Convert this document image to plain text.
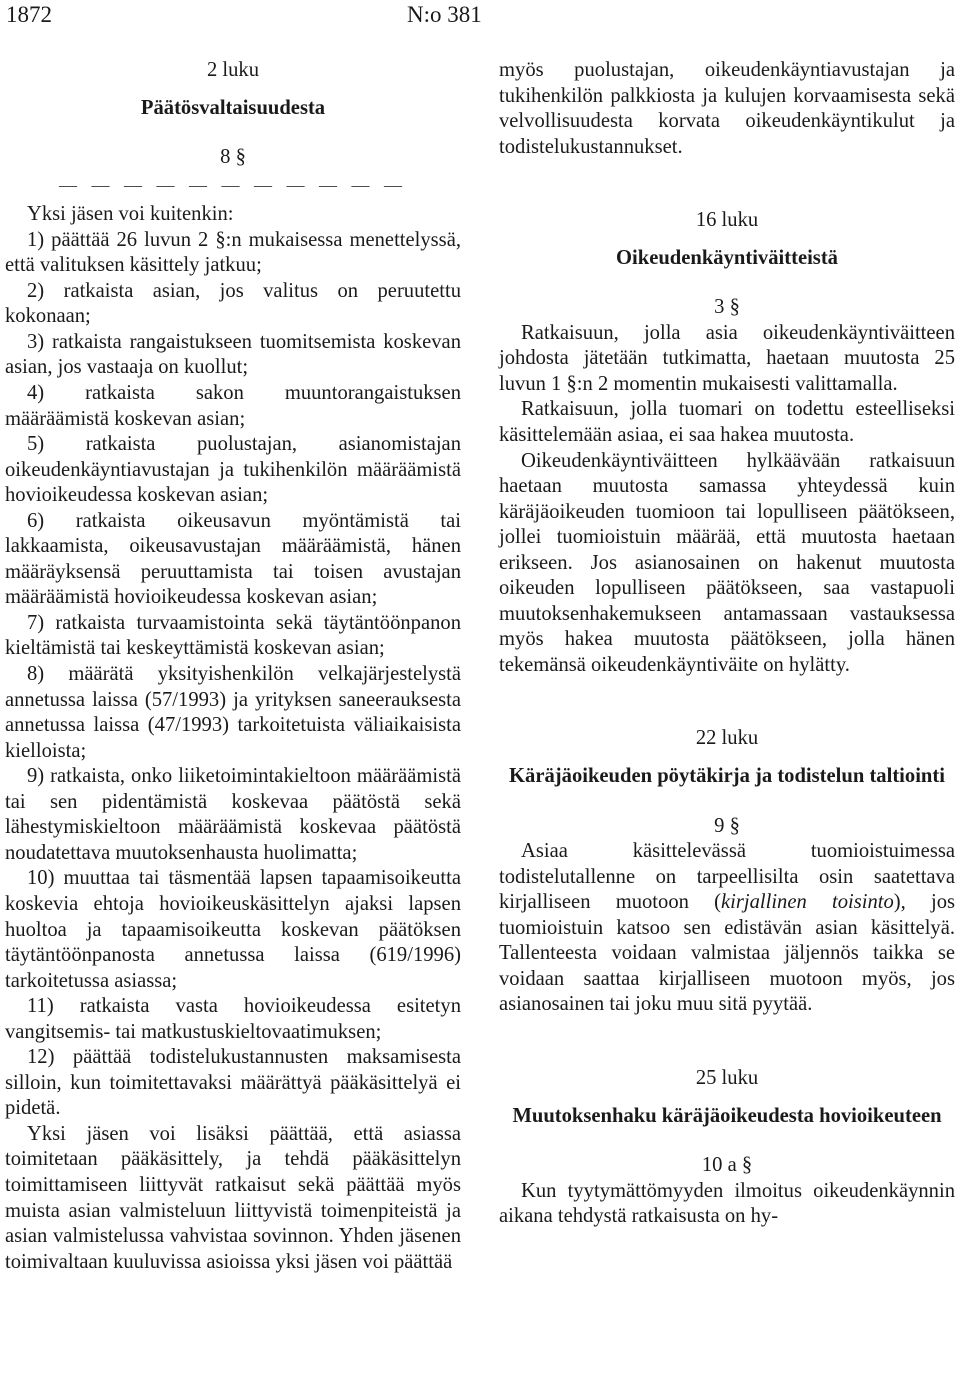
1872	N:o 381

2 luku

Päätösvaltaisuudesta

8 §

— — — — — — — — — — —

Yksi jäsen voi kuitenkin:

1) päättää 26 luvun 2 §:n mukaisessa menettelyssä, että valituksen käsittely jatkuu;

2) ratkaista asian, jos valitus on peruutettu kokonaan;

3) ratkaista rangaistukseen tuomitsemista koskevan asian, jos vastaaja on kuollut;

4) ratkaista sakon muuntorangaistuksen määräämistä koskevan asian;

5) ratkaista puolustajan, asianomistajan oikeudenkäyntiavustajan ja tukihenkilön määräämistä hovioikeudessa koskevan asian;

6) ratkaista oikeusavun myöntämistä tai lakkaamista, oikeusavustajan määräämistä, hänen määräyksensä peruuttamista tai toisen avustajan määräämistä hovioikeudessa koskevan asian;

7) ratkaista turvaamistointa sekä täytäntöönpanon kieltämistä tai keskeyttämistä koskevan asian;

8) määrätä yksityishenkilön velkajärjestelystä annetussa laissa (57/1993) ja yrityksen saneerauksesta annetussa laissa (47/1993) tarkoitetuista väliaikaisista kielloista;

9) ratkaista, onko liiketoimintakieltoon määräämistä tai sen pidentämistä koskevaa päätöstä sekä lähestymiskieltoon määräämistä koskevaa päätöstä noudatettava muutoksenhausta huolimatta;

10) muuttaa tai täsmentää lapsen tapaamisoikeutta koskevia ehtoja hovioikeuskäsittelyn ajaksi lapsen huoltoa ja tapaamisoikeutta koskevan päätöksen täytäntöönpanosta annetussa laissa (619/1996) tarkoitetussa asiassa;

11) ratkaista vasta hovioikeudessa esitetyn vangitsemis- tai matkustuskieltovaatimuksen;

12) päättää todistelukustannusten maksamisesta silloin, kun toimitettavaksi määrättyä pääkäsittelyä ei pidetä.

Yksi jäsen voi lisäksi päättää, että asiassa toimitetaan pääkäsittely, ja tehdä pääkäsittelyn toimittamiseen liittyvät ratkaisut sekä päättää myös muista asian valmisteluun liittyvistä toimenpiteistä ja asian valmistelussa vahvistaa sovinnon. Yhden jäsenen toimivaltaan kuuluvissa asioissa yksi jäsen voi päättää

myös puolustajan, oikeudenkäyntiavustajan ja tukihenkilön palkkiosta ja kulujen korvaamisesta sekä velvollisuudesta korvata oikeudenkäyntikulut ja todistelukustannukset.

16 luku

Oikeudenkäyntiväitteistä

3 §

Ratkaisuun, jolla asia oikeudenkäyntiväitteen johdosta jätetään tutkimatta, haetaan muutosta 25 luvun 1 §:n 2 momentin mukaisesti valittamalla.

Ratkaisuun, jolla tuomari on todettu esteelliseksi käsittelemään asiaa, ei saa hakea muutosta.

Oikeudenkäyntiväitteen hylkäävään ratkaisuun haetaan muutosta samassa yhteydessä kuin käräjäoikeuden tuomioon tai lopulliseen päätökseen, jollei tuomioistuin määrää, että muutosta haetaan erikseen. Jos asianosainen on hakenut muutosta oikeuden lopulliseen päätökseen, saa vastapuoli muutoksenhakemukseen antamassaan vastauksessa myös hakea muutosta päätökseen, jolla hänen tekemänsä oikeudenkäyntiväite on hylätty.

22 luku

Käräjäoikeuden pöytäkirja ja todistelun taltiointi

9 §

Asiaa käsittelevässä tuomioistuimessa todistelutallenne on tarpeellisilta osin saatettava kirjalliseen muotoon (kirjallinen toisinto), jos tuomioistuin katsoo sen edistävän asian käsittelyä. Tallenteesta voidaan valmistaa jäljennös taikka se voidaan saattaa kirjalliseen muotoon myös, jos asianosainen tai joku muu sitä pyytää.

25 luku

Muutoksenhaku käräjäoikeudesta hovioikeuteen

10 a §

Kun tyytymättömyyden ilmoitus oikeudenkäynnin aikana tehdystä ratkaisusta on hy-
